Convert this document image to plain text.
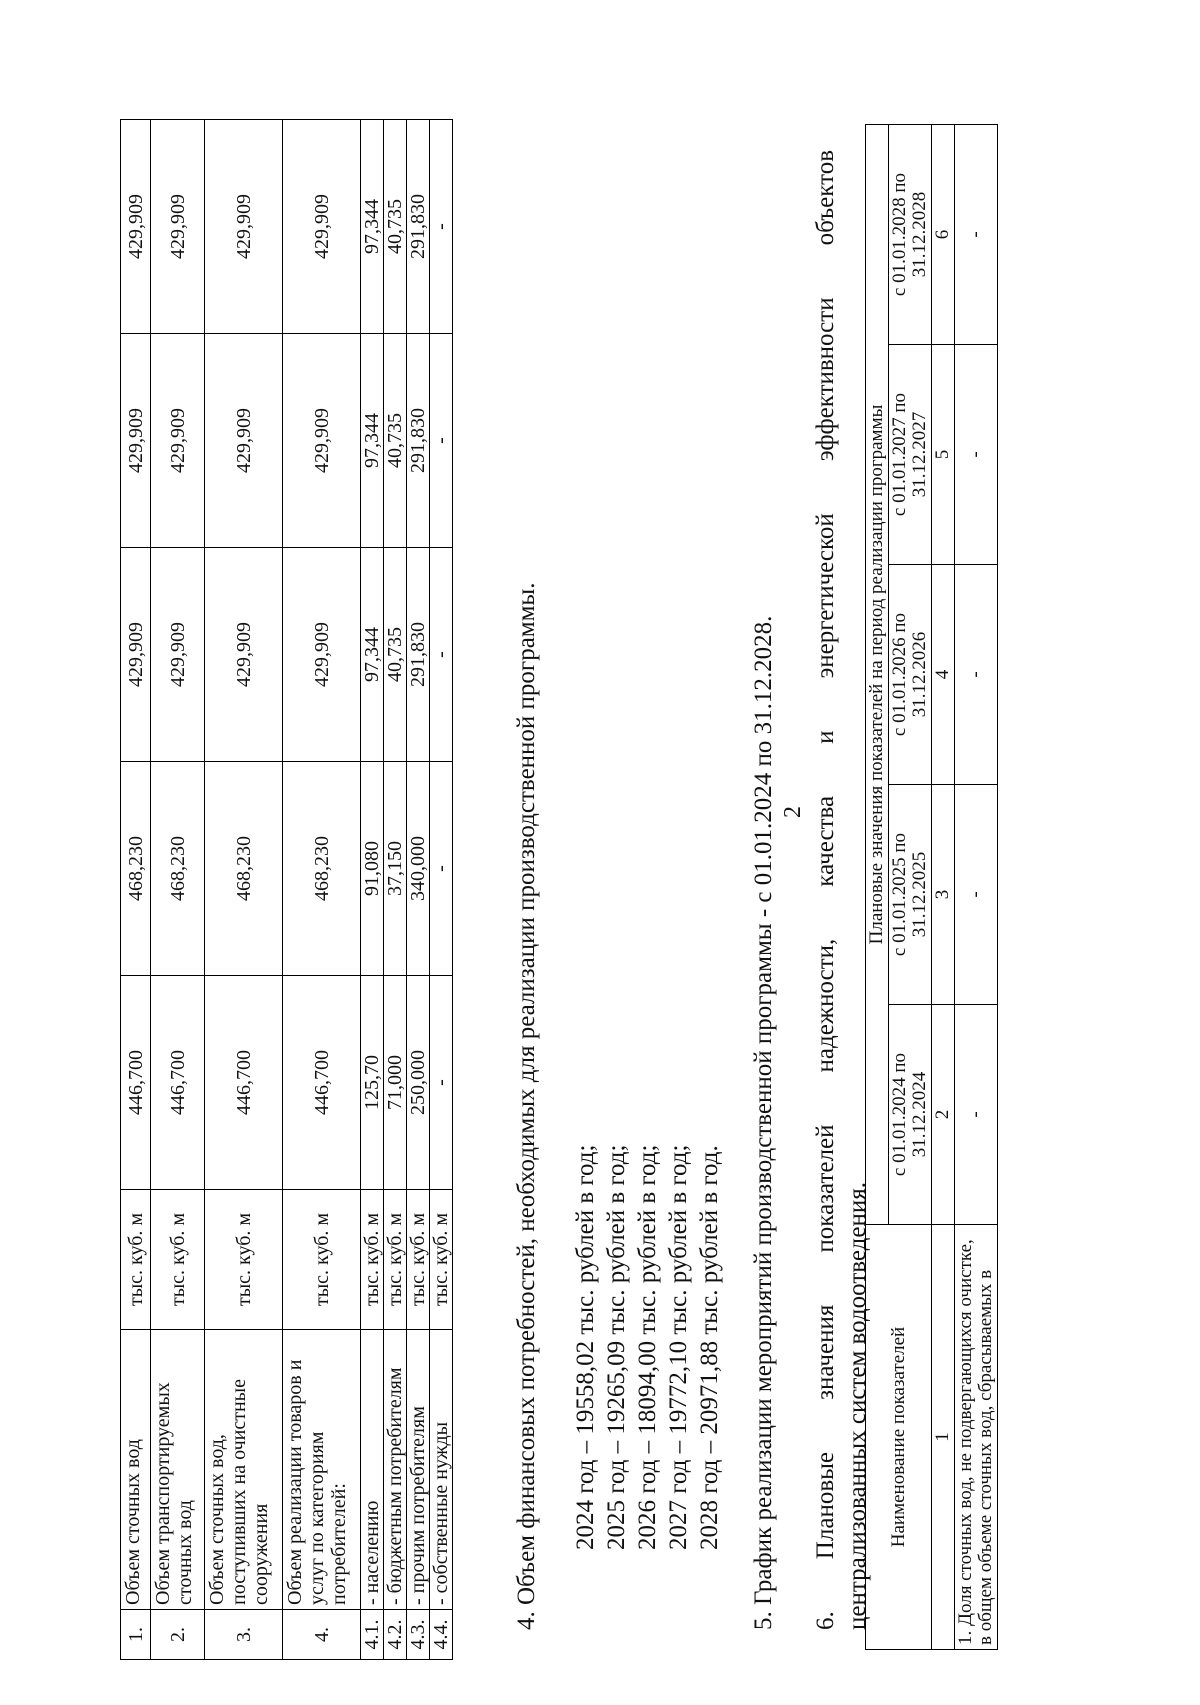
1.	Объем сточных вод	тыс. куб. м	446,700	468,230	429,909	429,909	429,909
2.	Объем транспортируемых сточных вод	тыс. куб. м	446,700	468,230	429,909	429,909	429,909
3.	Объем сточных вод, поступивших на очистные сооружения	тыс. куб. м	446,700	468,230	429,909	429,909	429,909
4.	Объем реализации товаров и услуг по категориям потребителей:	тыс. куб. м	446,700	468,230	429,909	429,909	429,909
4.1.	- населению	тыс. куб. м	125,70	91,080	97,344	97,344	97,344
4.2.	- бюджетным потребителям	тыс. куб. м	71,000	37,150	40,735	40,735	40,735
4.3.	- прочим потребителям	тыс. куб. м	250,000	340,000	291,830	291,830	291,830
4.4.	- собственные нужды	тыс. куб. м	-	-	-	-	-
2
4. Объем финансовых потребностей, необходимых для реализации производственной программы. 2024 год – 19558,02 тыс. рублей в год; 2025 год – 19265,09 тыс. рублей в год; 2026 год – 18094,00 тыс. рублей в год; 2027 год – 19772,10 тыс. рублей в год; 2028 год – 20971,88 тыс. рублей в год. 5. График реализации мероприятий производственной программы - с 01.01.2024 по 31.12.2028. 6.
Плановые
значения
показателей
надежности,
качества
и
энергетической
эффективности
объектов
централизованных систем водоотведения. Наименование показателей	Плановые значения показателей на период реализации программы				
	с 01.01.2024 по 31.12.2024	с 01.01.2025 по 31.12.2025	с 01.01.2026 по 31.12.2026	с 01.01.2027 по 31.12.2027	с 01.01.2028 по 31.12.2028
1	2	3	4	5	6
1. Доля сточных вод, не подвергающихся очистке, в общем объеме сточных вод, сбрасываемых в	-	-	-	-	-
